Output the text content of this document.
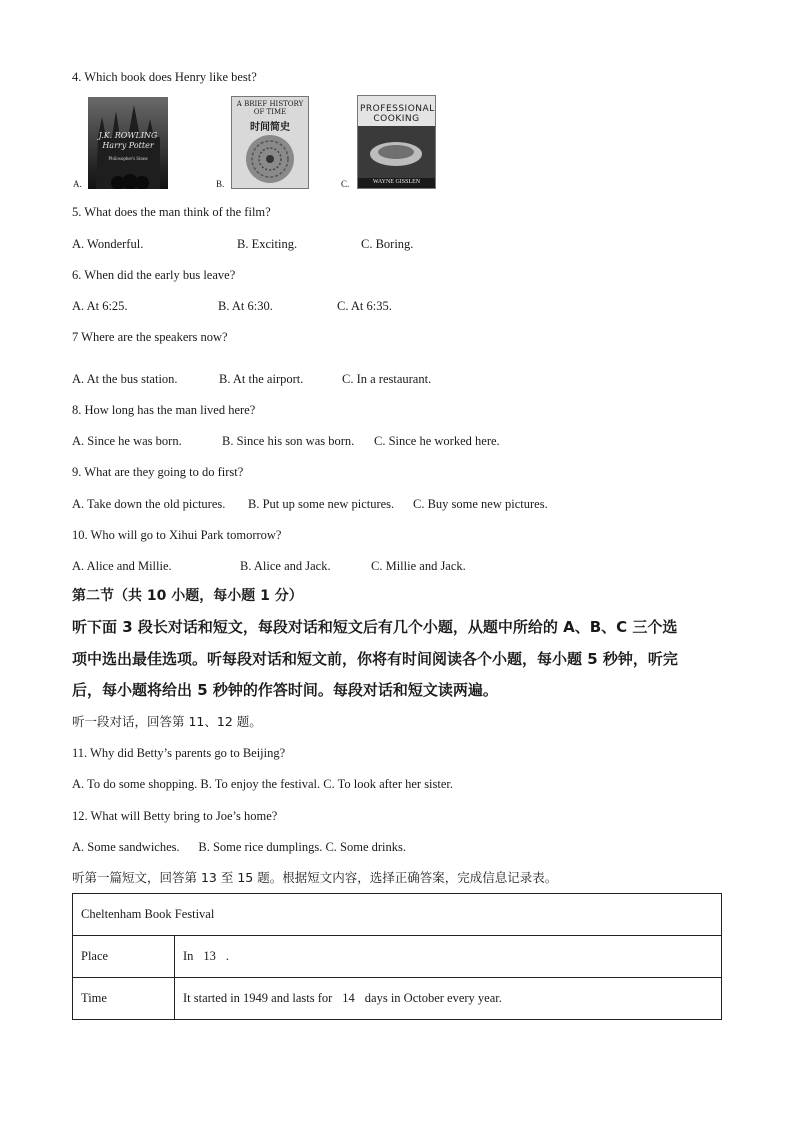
4. Which book does Henry like best?
A.
J.K. ROWLING Harry Potter
Philosopher's Stone
B.
A BRIEF HISTORY OF TIME
时间简史
C.
PROFESSIONAL COOKING
WAYNE GISSLEN
5. What does the man think of the film?
A. Wonderful.	B. Exciting.	C. Boring.
6. When did the early bus leave?
A. At 6:25.	B. At 6:30.	C. At 6:35.
7 Where are the speakers now?
A. At the bus station.	B. At the airport.	C. In a restaurant.
8. How long has the man lived here?
A. Since he was born.	B. Since his son was born. C. Since he worked here.
9. What are they going to do first?
A. Take down the old pictures. B. Put up some new pictures. C. Buy some new pictures.
10. Who will go to Xihui Park tomorrow?
A. Alice and Millie.	B. Alice and Jack.	C. Millie and Jack.
第二节（共 10 小题，每小题 1 分）
听下面 3 段长对话和短文，每段对话和短文后有几个小题，从题中所给的 A、B、C 三个选
项中选出最佳选项。听每段对话和短文前，你将有时间阅读各个小题，每小题 5 秒钟，听完
后，每小题将给出 5 秒钟的作答时间。每段对话和短文读两遍。
听一段对话，回答第 11、12 题。
11. Why did Betty’s parents go to Beijing?
A. To do some shopping. B. To enjoy the festival. C. To look after her sister.
12. What will Betty bring to Joe’s home?
A. Some sandwiches.      B. Some rice dumplings. C. Some drinks.
听第一篇短文，回答第 13 至 15 题。根据短文内容，选择正确答案，完成信息记录表。
Cheltenham Book Festival	
Place	In 13 .
Time	It started in 1949 and lasts for 14 days in October every year.
